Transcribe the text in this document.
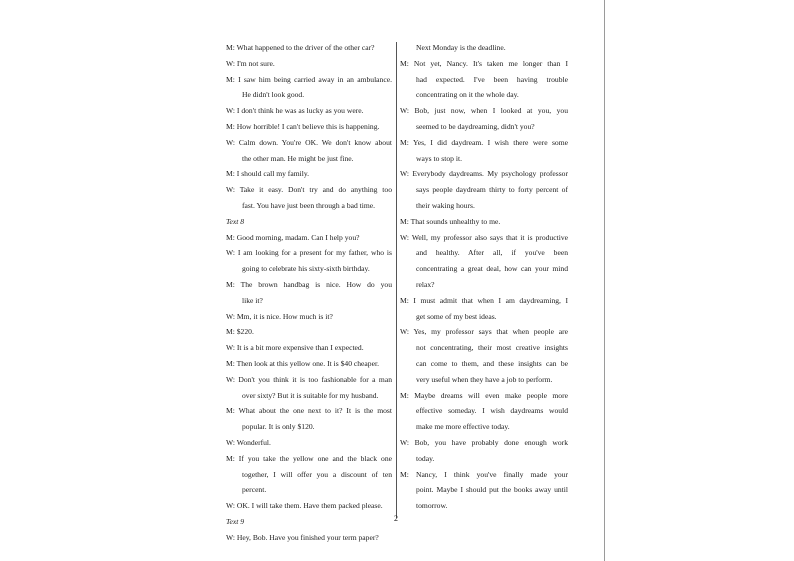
M: What happened to the driver of the other car?
W: I'm not sure.
M: I saw him being carried away in an ambulance.
He didn't look good.
W: I don't think he was as lucky as you were.
M: How horrible! I can't believe this is happening.
W: Calm down. You're OK. We don't know about
the other man. He might be just fine.
M: I should call my family.
W: Take it easy. Don't try and do anything too
fast. You have just been through a bad time.
Text 8
M: Good morning, madam. Can I help you?
W: I am looking for a present for my father, who is
going to celebrate his sixty-sixth birthday.
M: The brown handbag is nice. How do you
like it?
W: Mm, it is nice. How much is it?
M: $220.
W: It is a bit more expensive than I expected.
M: Then look at this yellow one. It is $40 cheaper.
W: Don't you think it is too fashionable for a man
over sixty? But it is suitable for my husband.
M: What about the one next to it? It is the most
popular. It is only $120.
W: Wonderful.
M: If you take the yellow one and the black one
together, I will offer you a discount of ten
percent.
W: OK. I will take them. Have them packed please.
Text 9
W: Hey, Bob. Have you finished your term paper?
Next Monday is the deadline.
M: Not yet, Nancy. It's taken me longer than I
had expected. I've been having trouble
concentrating on it the whole day.
W: Bob, just now, when I looked at you, you
seemed to be daydreaming, didn't you?
M: Yes, I did daydream. I wish there were some
ways to stop it.
W: Everybody daydreams. My psychology professor
says people daydream thirty to forty percent of
their waking hours.
M: That sounds unhealthy to me.
W: Well, my professor also says that it is productive
and healthy. After all, if you've been
concentrating a great deal, how can your mind
relax?
M: I must admit that when I am daydreaming, I
get some of my best ideas.
W: Yes, my professor says that when people are
not concentrating, their most creative insights
can come to them, and these insights can be
very useful when they have a job to perform.
M: Maybe dreams will even make people more
effective someday. I wish daydreams would
make me more effective today.
W: Bob, you have probably done enough work
today.
M: Nancy, I think you've finally made your
point. Maybe I should put the books away until
tomorrow.
2
